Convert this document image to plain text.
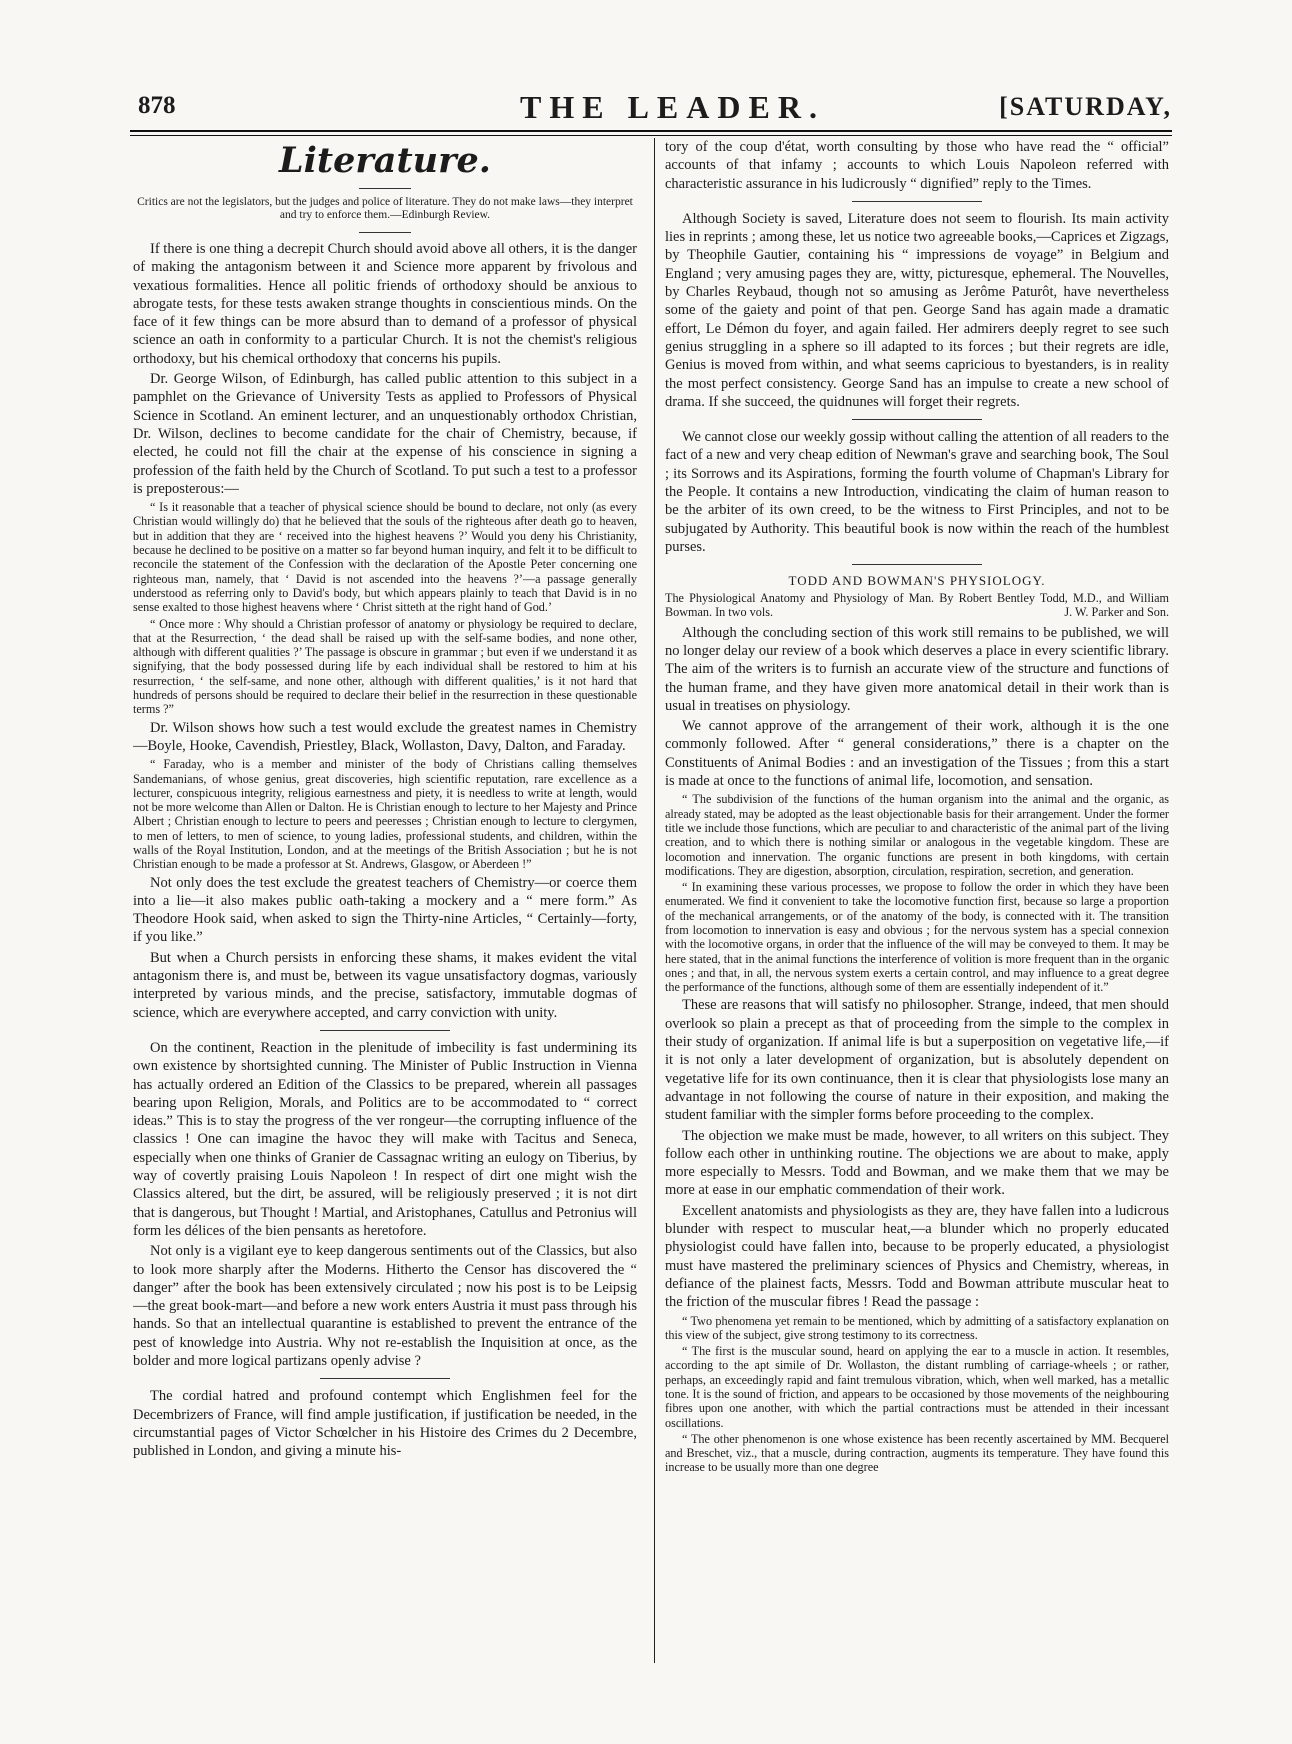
878	THE LEADER.	[SATURDAY,
Literature.
Critics are not the legislators, but the judges and police of literature. They do not make laws—they interpret and try to enforce them.—Edinburgh Review.

If there is one thing a decrepit Church should avoid above all others, it is the danger of making the antagonism between it and Science more apparent by frivolous and vexatious formalities. Hence all politic friends of orthodoxy should be anxious to abrogate tests, for these tests awaken strange thoughts in conscientious minds. On the face of it few things can be more absurd than to demand of a professor of physical science an oath in conformity to a particular Church. It is not the chemist's religious orthodoxy, but his chemical orthodoxy that concerns his pupils.

Dr. George Wilson, of Edinburgh, has called public attention to this subject in a pamphlet on the Grievance of University Tests as applied to Professors of Physical Science in Scotland. An eminent lecturer, and an unquestionably orthodox Christian, Dr. Wilson, declines to become candidate for the chair of Chemistry, because, if elected, he could not fill the chair at the expense of his conscience in signing a profession of the faith held by the Church of Scotland. To put such a test to a professor is preposterous:—

“ Is it reasonable that a teacher of physical science should be bound to declare, not only (as every Christian would willingly do) that he believed that the souls of the righteous after death go to heaven, but in addition that they are ‘ received into the highest heavens ?’ Would you deny his Christianity, because he declined to be positive on a matter so far beyond human inquiry, and felt it to be difficult to reconcile the statement of the Confession with the declaration of the Apostle Peter concerning one righteous man, namely, that ‘ David is not ascended into the heavens ?’—a passage generally understood as referring only to David's body, but which appears plainly to teach that David is in no sense exalted to those highest heavens where ‘ Christ sitteth at the right hand of God.’

“ Once more : Why should a Christian professor of anatomy or physiology be required to declare, that at the Resurrection, ‘ the dead shall be raised up with the self-same bodies, and none other, although with different qualities ?’ The passage is obscure in grammar ; but even if we understand it as signifying, that the body possessed during life by each individual shall be restored to him at his resurrection, ‘ the self-same, and none other, although with different qualities,’ is it not hard that hundreds of persons should be required to declare their belief in the resurrection in these questionable terms ?”

Dr. Wilson shows how such a test would exclude the greatest names in Chemistry—Boyle, Hooke, Cavendish, Priestley, Black, Wollaston, Davy, Dalton, and Faraday.

“ Faraday, who is a member and minister of the body of Christians calling themselves Sandemanians, of whose genius, great discoveries, high scientific reputation, rare excellence as a lecturer, conspicuous integrity, religious earnestness and piety, it is needless to write at length, would not be more welcome than Allen or Dalton. He is Christian enough to lecture to her Majesty and Prince Albert ; Christian enough to lecture to peers and peeresses ; Christian enough to lecture to clergymen, to men of letters, to men of science, to young ladies, professional students, and children, within the walls of the Royal Institution, London, and at the meetings of the British Association ; but he is not Christian enough to be made a professor at St. Andrews, Glasgow, or Aberdeen !”

Not only does the test exclude the greatest teachers of Chemistry—or coerce them into a lie—it also makes public oath-taking a mockery and a “ mere form.” As Theodore Hook said, when asked to sign the Thirty-nine Articles, “ Certainly—forty, if you like.”

But when a Church persists in enforcing these shams, it makes evident the vital antagonism there is, and must be, between its vague unsatisfactory dogmas, variously interpreted by various minds, and the precise, satisfactory, immutable dogmas of science, which are everywhere accepted, and carry conviction with unity.

On the continent, Reaction in the plenitude of imbecility is fast undermining its own existence by shortsighted cunning. The Minister of Public Instruction in Vienna has actually ordered an Edition of the Classics to be prepared, wherein all passages bearing upon Religion, Morals, and Politics are to be accommodated to “ correct ideas.” This is to stay the progress of the ver rongeur—the corrupting influence of the classics ! One can imagine the havoc they will make with Tacitus and Seneca, especially when one thinks of Granier de Cassagnac writing an eulogy on Tiberius, by way of covertly praising Louis Napoleon ! In respect of dirt one might wish the Classics altered, but the dirt, be assured, will be religiously preserved ; it is not dirt that is dangerous, but Thought ! Martial, and Aristophanes, Catullus and Petronius will form les délices of the bien pensants as heretofore.

Not only is a vigilant eye to keep dangerous sentiments out of the Classics, but also to look more sharply after the Moderns. Hitherto the Censor has discovered the “ danger” after the book has been extensively circulated ; now his post is to be Leipsig—the great book-mart—and before a new work enters Austria it must pass through his hands. So that an intellectual quarantine is established to prevent the entrance of the pest of knowledge into Austria. Why not re-establish the Inquisition at once, as the bolder and more logical partizans openly advise ?

The cordial hatred and profound contempt which Englishmen feel for the Decembrizers of France, will find ample justification, if justification be needed, in the circumstantial pages of Victor Schœlcher in his Histoire des Crimes du 2 Decembre, published in London, and giving a minute his-

tory of the coup d'état, worth consulting by those who have read the “ official” accounts of that infamy ; accounts to which Louis Napoleon referred with characteristic assurance in his ludicrously “ dignified” reply to the Times.

Although Society is saved, Literature does not seem to flourish. Its main activity lies in reprints ; among these, let us notice two agreeable books,—Caprices et Zigzags, by Theophile Gautier, containing his “ impressions de voyage” in Belgium and England ; very amusing pages they are, witty, picturesque, ephemeral. The Nouvelles, by Charles Reybaud, though not so amusing as Jerôme Paturôt, have nevertheless some of the gaiety and point of that pen. George Sand has again made a dramatic effort, Le Démon du foyer, and again failed. Her admirers deeply regret to see such genius struggling in a sphere so ill adapted to its forces ; but their regrets are idle, Genius is moved from within, and what seems capricious to byestanders, is in reality the most perfect consistency. George Sand has an impulse to create a new school of drama. If she succeed, the quidnunes will forget their regrets.

We cannot close our weekly gossip without calling the attention of all readers to the fact of a new and very cheap edition of Newman's grave and searching book, The Soul ; its Sorrows and its Aspirations, forming the fourth volume of Chapman's Library for the People. It contains a new Introduction, vindicating the claim of human reason to be the arbiter of its own creed, to be the witness to First Principles, and not to be subjugated by Authority. This beautiful book is now within the reach of the humblest purses.

TODD AND BOWMAN'S PHYSIOLOGY.

The Physiological Anatomy and Physiology of Man. By Robert Bentley Todd, M.D., and William Bowman. In two vols.	J. W. Parker and Son.

Although the concluding section of this work still remains to be published, we will no longer delay our review of a book which deserves a place in every scientific library. The aim of the writers is to furnish an accurate view of the structure and functions of the human frame, and they have given more anatomical detail in their work than is usual in treatises on physiology.

We cannot approve of the arrangement of their work, although it is the one commonly followed. After “ general considerations,” there is a chapter on the Constituents of Animal Bodies : and an investigation of the Tissues ; from this a start is made at once to the functions of animal life, locomotion, and sensation.

“ The subdivision of the functions of the human organism into the animal and the organic, as already stated, may be adopted as the least objectionable basis for their arrangement. Under the former title we include those functions, which are peculiar to and characteristic of the animal part of the living creation, and to which there is nothing similar or analogous in the vegetable kingdom. These are locomotion and innervation. The organic functions are present in both kingdoms, with certain modifications. They are digestion, absorption, circulation, respiration, secretion, and generation.

“ In examining these various processes, we propose to follow the order in which they have been enumerated. We find it convenient to take the locomotive function first, because so large a proportion of the mechanical arrangements, or of the anatomy of the body, is connected with it. The transition from locomotion to innervation is easy and obvious ; for the nervous system has a special connexion with the locomotive organs, in order that the influence of the will may be conveyed to them. It may be here stated, that in the animal functions the interference of volition is more frequent than in the organic ones ; and that, in all, the nervous system exerts a certain control, and may influence to a great degree the performance of the functions, although some of them are essentially independent of it.”

These are reasons that will satisfy no philosopher. Strange, indeed, that men should overlook so plain a precept as that of proceeding from the simple to the complex in their study of organization. If animal life is but a superposition on vegetative life,—if it is not only a later development of organization, but is absolutely dependent on vegetative life for its own continuance, then it is clear that physiologists lose many an advantage in not following the course of nature in their exposition, and making the student familiar with the simpler forms before proceeding to the complex.

The objection we make must be made, however, to all writers on this subject. They follow each other in unthinking routine. The objections we are about to make, apply more especially to Messrs. Todd and Bowman, and we make them that we may be more at ease in our emphatic commendation of their work.

Excellent anatomists and physiologists as they are, they have fallen into a ludicrous blunder with respect to muscular heat,—a blunder which no properly educated physiologist could have fallen into, because to be properly educated, a physiologist must have mastered the preliminary sciences of Physics and Chemistry, whereas, in defiance of the plainest facts, Messrs. Todd and Bowman attribute muscular heat to the friction of the muscular fibres ! Read the passage :

“ Two phenomena yet remain to be mentioned, which by admitting of a satisfactory explanation on this view of the subject, give strong testimony to its correctness.

“ The first is the muscular sound, heard on applying the ear to a muscle in action. It resembles, according to the apt simile of Dr. Wollaston, the distant rumbling of carriage-wheels ; or rather, perhaps, an exceedingly rapid and faint tremulous vibration, which, when well marked, has a metallic tone. It is the sound of friction, and appears to be occasioned by those movements of the neighbouring fibres upon one another, with which the partial contractions must be attended in their incessant oscillations.

“ The other phenomenon is one whose existence has been recently ascertained by MM. Becquerel and Breschet, viz., that a muscle, during contraction, augments its temperature. They have found this increase to be usually more than one degree
